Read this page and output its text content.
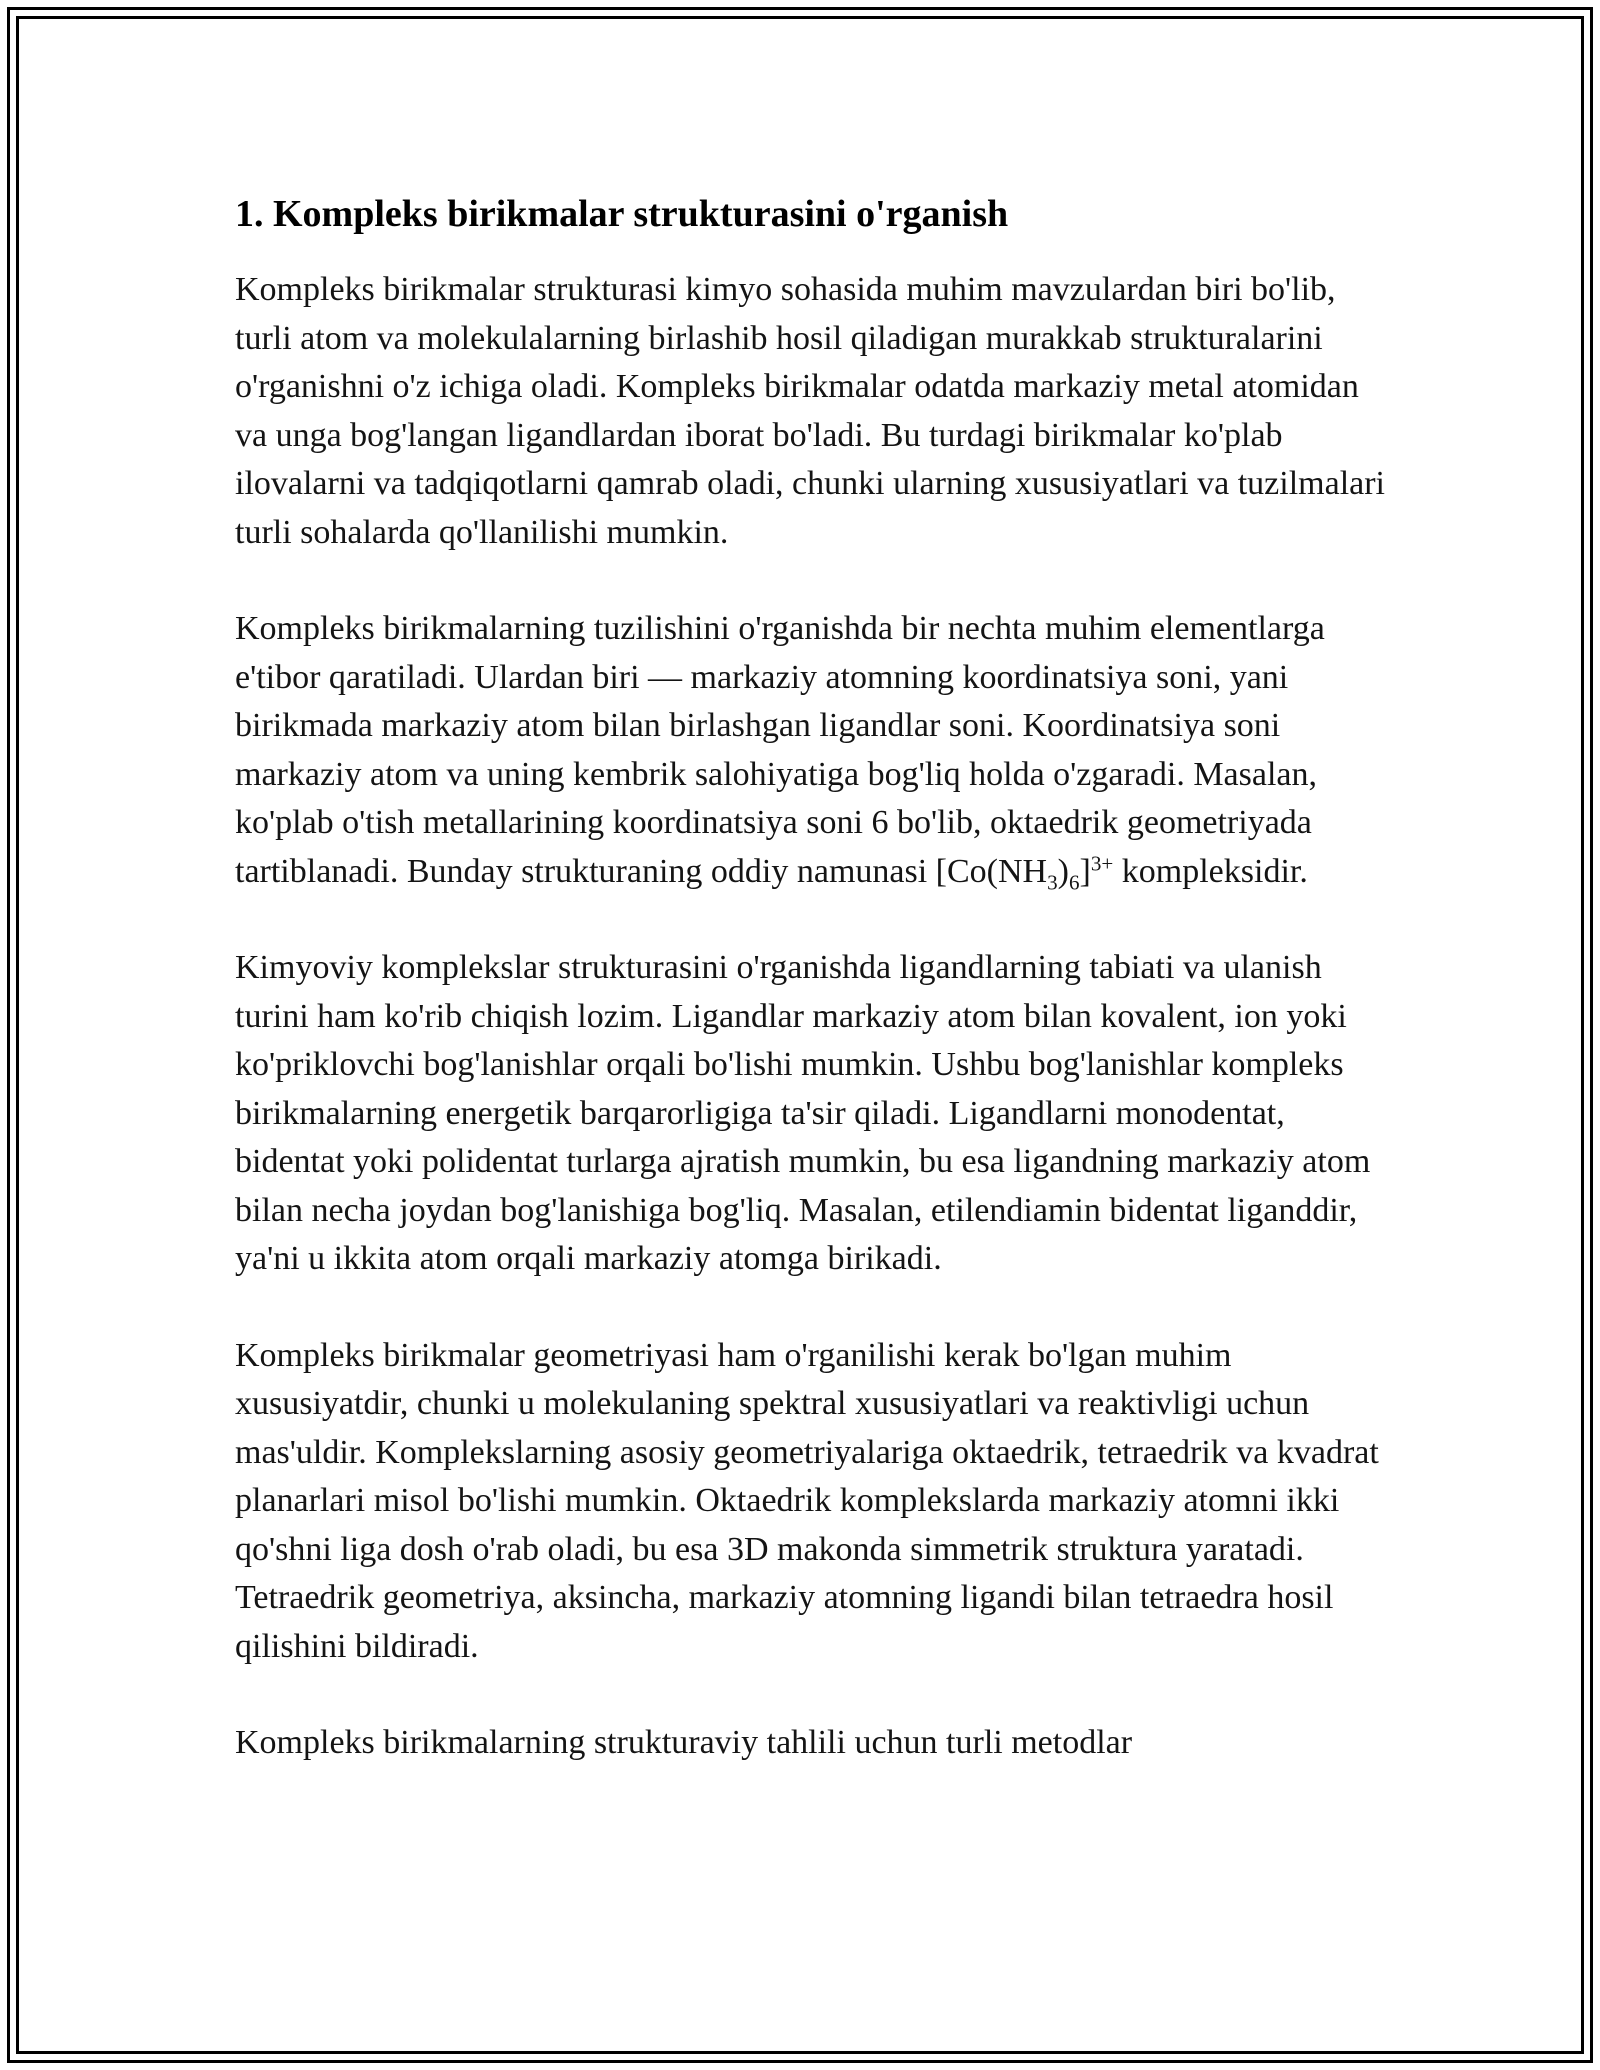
1. Kompleks birikmalar strukturasini o'rganish

Kompleks birikmalar strukturasi kimyo sohasida muhim mavzulardan biri bo'lib, turli atom va molekulalarning birlashib hosil qiladigan murakkab strukturalarini o'rganishni o'z ichiga oladi. Kompleks birikmalar odatda markaziy metal atomidan va unga bog'langan ligandlardan iborat bo'ladi. Bu turdagi birikmalar ko'plab ilovalarni va tadqiqotlarni qamrab oladi, chunki ularning xususiyatlari va tuzilmalari turli sohalarda qo'llanilishi mumkin.

Kompleks birikmalarning tuzilishini o'rganishda bir nechta muhim elementlarga e'tibor qaratiladi. Ulardan biri — markaziy atomning koordinatsiya soni, yani birikmada markaziy atom bilan birlashgan ligandlar soni. Koordinatsiya soni markaziy atom va uning kembrik salohiyatiga bog'liq holda o'zgaradi. Masalan, ko'plab o'tish metallarining koordinatsiya soni 6 bo'lib, oktaedrik geometriyada tartiblanadi. Bunday strukturaning oddiy namunasi $[Co(NH_3)_6]^{3+}$ kompleksidir.

Kimyoviy komplekslar strukturasini o'rganishda ligandlarning tabiati va ulanish turini ham ko'rib chiqish lozim. Ligandlar markaziy atom bilan kovalent, ion yoki ko'priklovchi bog'lanishlar orqali bo'lishi mumkin. Ushbu bog'lanishlar kompleks birikmalarning energetik barqarorligiga ta'sir qiladi. Ligandlarni monodentat, bidentat yoki polidentat turlarga ajratish mumkin, bu esa ligandning markaziy atom bilan necha joydan bog'lanishiga bog'liq. Masalan, etilendiamin bidentat liganddir, ya'ni u ikkita atom orqali markaziy atomga birikadi.

Kompleks birikmalar geometriyasi ham o'rganilishi kerak bo'lgan muhim xususiyatdir, chunki u molekulaning spektral xususiyatlari va reaktivligi uchun mas'uldir. Komplekslarning asosiy geometriyalariga oktaedrik, tetraedrik va kvadrat planarlari misol bo'lishi mumkin. Oktaedrik komplekslarda markaziy atomni ikki qo'shni liga dosh o'rab oladi, bu esa 3D makonda simmetrik struktura yaratadi. Tetraedrik geometriya, aksincha, markaziy atomning ligandi bilan tetraedra hosil qilishini bildiradi.

Kompleks birikmalarning strukturaviy tahlili uchun turli metodlar
